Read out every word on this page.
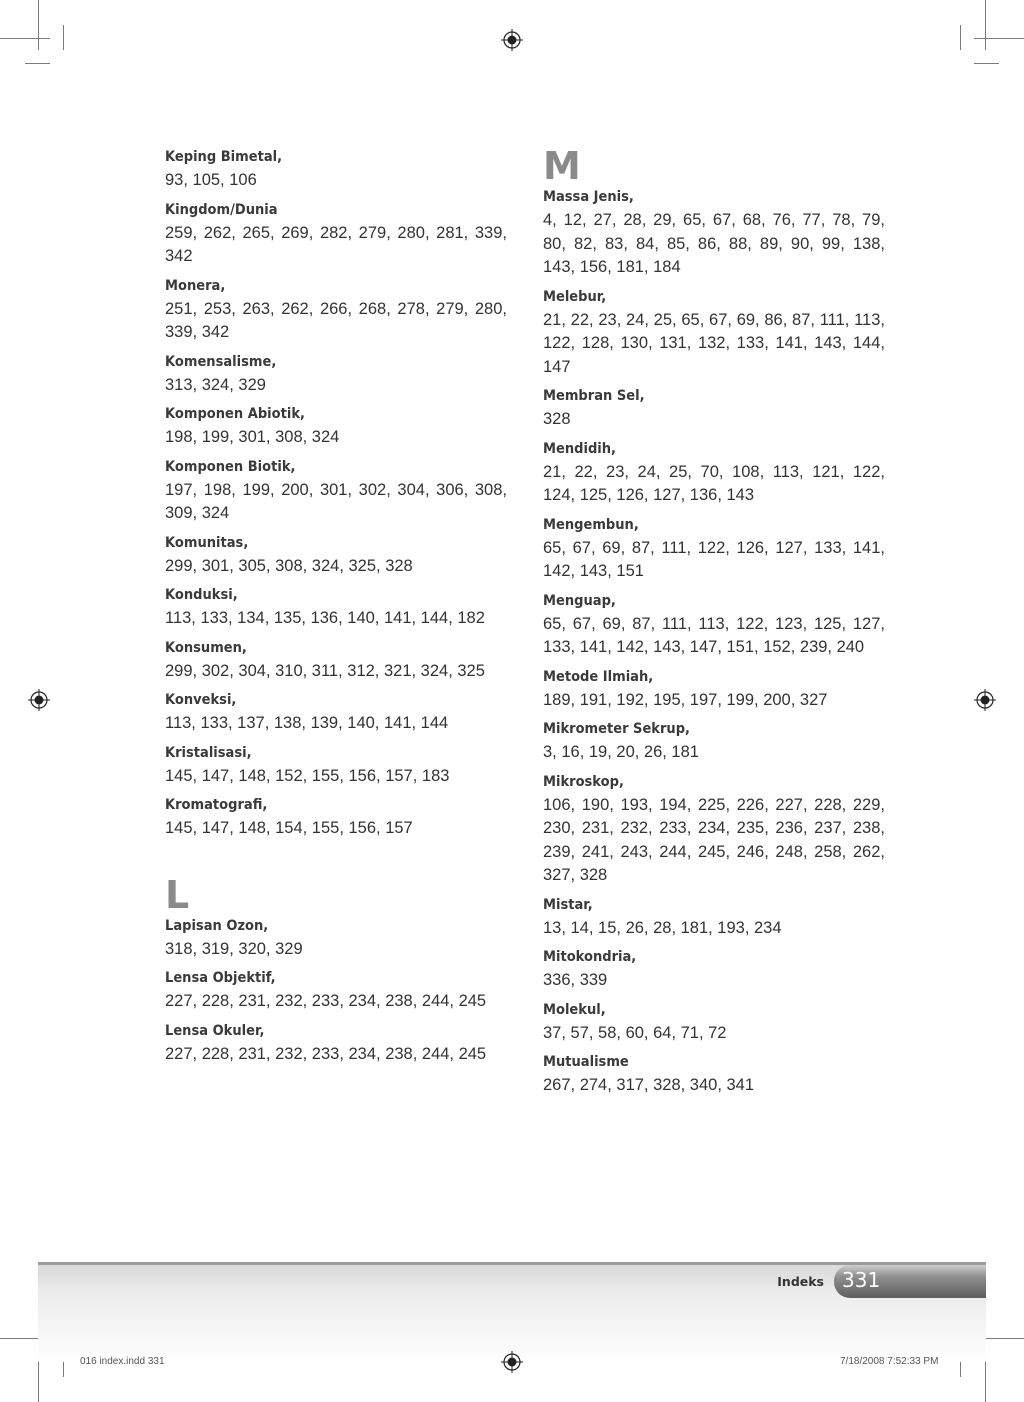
Keping Bimetal,
93, 105, 106
Kingdom/Dunia
259, 262, 265, 269, 282, 279, 280, 281, 339, 342
Monera,
251, 253, 263, 262, 266, 268, 278, 279, 280, 339, 342
Komensalisme,
313, 324, 329
Komponen Abiotik,
198, 199, 301, 308, 324
Komponen Biotik,
197, 198, 199, 200, 301, 302, 304, 306, 308, 309, 324
Komunitas,
299, 301, 305, 308, 324, 325, 328
Konduksi,
113, 133, 134, 135, 136, 140, 141, 144, 182
Konsumen,
299, 302, 304, 310, 311, 312, 321, 324, 325
Konveksi,
113, 133, 137, 138, 139, 140, 141, 144
Kristalisasi,
145, 147, 148, 152, 155, 156, 157, 183
Kromatografi,
145, 147, 148, 154, 155, 156, 157
L
Lapisan Ozon,
318, 319, 320, 329
Lensa Objektif,
227, 228, 231, 232, 233, 234, 238, 244, 245
Lensa Okuler,
227, 228, 231, 232, 233, 234, 238, 244, 245
M
Massa Jenis,
4, 12, 27, 28, 29, 65, 67, 68, 76, 77, 78, 79, 80, 82, 83, 84, 85, 86, 88, 89, 90, 99, 138, 143, 156, 181, 184
Melebur,
21, 22, 23, 24, 25, 65, 67, 69, 86, 87, 111, 113, 122, 128, 130, 131, 132, 133, 141, 143, 144, 147
Membran Sel,
328
Mendidih,
21, 22, 23, 24, 25, 70, 108, 113, 121, 122, 124, 125, 126, 127, 136, 143
Mengembun,
65, 67, 69, 87, 111, 122, 126, 127, 133, 141, 142, 143, 151
Menguap,
65, 67, 69, 87, 111, 113, 122, 123, 125, 127, 133, 141, 142, 143, 147, 151, 152, 239, 240
Metode Ilmiah,
189, 191, 192, 195, 197, 199, 200, 327
Mikrometer Sekrup,
3, 16, 19, 20, 26, 181
Mikroskop,
106, 190, 193, 194, 225, 226, 227, 228, 229, 230, 231, 232, 233, 234, 235, 236, 237, 238, 239, 241, 243, 244, 245, 246, 248, 258, 262, 327, 328
Mistar,
13, 14, 15, 26, 28, 181, 193, 234
Mitokondria,
336, 339
Molekul,
37, 57, 58, 60, 64, 71, 72
Mutualisme
267, 274, 317, 328, 340, 341
Indeks 331
016 index.indd 331	7/18/2008 7:52:33 PM
